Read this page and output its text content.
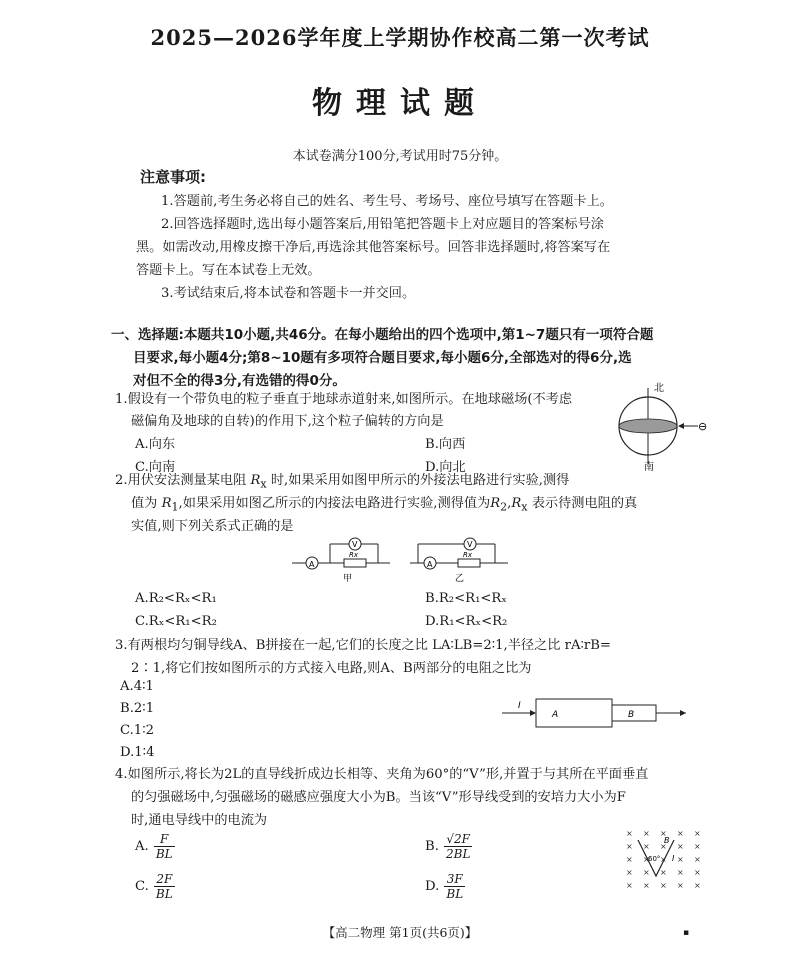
2025—2026学年度上学期协作校高二第一次考试
物理试题
本试卷满分100分,考试用时75分钟。
注意事项:
1.答题前,考生务必将自己的姓名、考生号、考场号、座位号填写在答题卡上。
2.回答选择题时,选出每小题答案后,用铅笔把答题卡上对应题目的答案标号涂
黑。如需改动,用橡皮擦干净后,再选涂其他答案标号。回答非选择题时,将答案写在
答题卡上。写在本试卷上无效。
3.考试结束后,将本试卷和答题卡一并交回。
一、选择题:本题共10小题,共46分。在每小题给出的四个选项中,第1~7题只有一项符合题
目要求,每小题4分;第8~10题有多项符合题目要求,每小题6分,全部选对的得6分,选
对但不全的得3分,有选错的得0分。
1.假设有一个带负电的粒子垂直于地球赤道射来,如图所示。在地球磁场(不考虑
磁偏角及地球的自转)的作用下,这个粒子偏转的方向是
A.向东	B.向西
C.向南	D.向北
北
南
⊖
2.用伏安法测量某电阻 $R_x$ 时,如果采用如图甲所示的外接法电路进行实验,测得
值为 $R_1$,如果采用如图乙所示的内接法电路进行实验,测得值为$R_2,R_x$ 表示待测电阻的真
实值,则下列关系式正确的是
A
V
Rx
甲
V
A
Rx
乙
A.R₂<Rₓ<R₁	B.R₂<R₁<Rₓ
C.Rₓ<R₁<R₂	D.R₁<Rₓ<R₂
3.有两根均匀铜导线A、B拼接在一起,它们的长度之比 LA∶LB=2∶1,半径之比 rA∶rB=
2∶1,将它们按如图所示的方式接入电路,则A、B两部分的电阻之比为
A.4∶1
B.2∶1
C.1∶2
D.1∶4
I
A	B
4.如图所示,将长为2L的直导线折成边长相等、夹角为60°的“V”形,并置于与其所在平面垂直
的匀强磁场中,匀强磁场的磁感应强度大小为B。当该“V”形导线受到的安培力大小为F
时,通电导线中的电流为
A. $\frac{F}{BL}$	B. $\frac{√2F}{2BL}$
C. $\frac{2F}{BL}$	D. $\frac{3F}{BL}$
× × × × ×
× × × × ×
× × × × ×
× × × × ×
× × × × ×
B
60° I
【高二物理 第1页(共6页)】	▪
